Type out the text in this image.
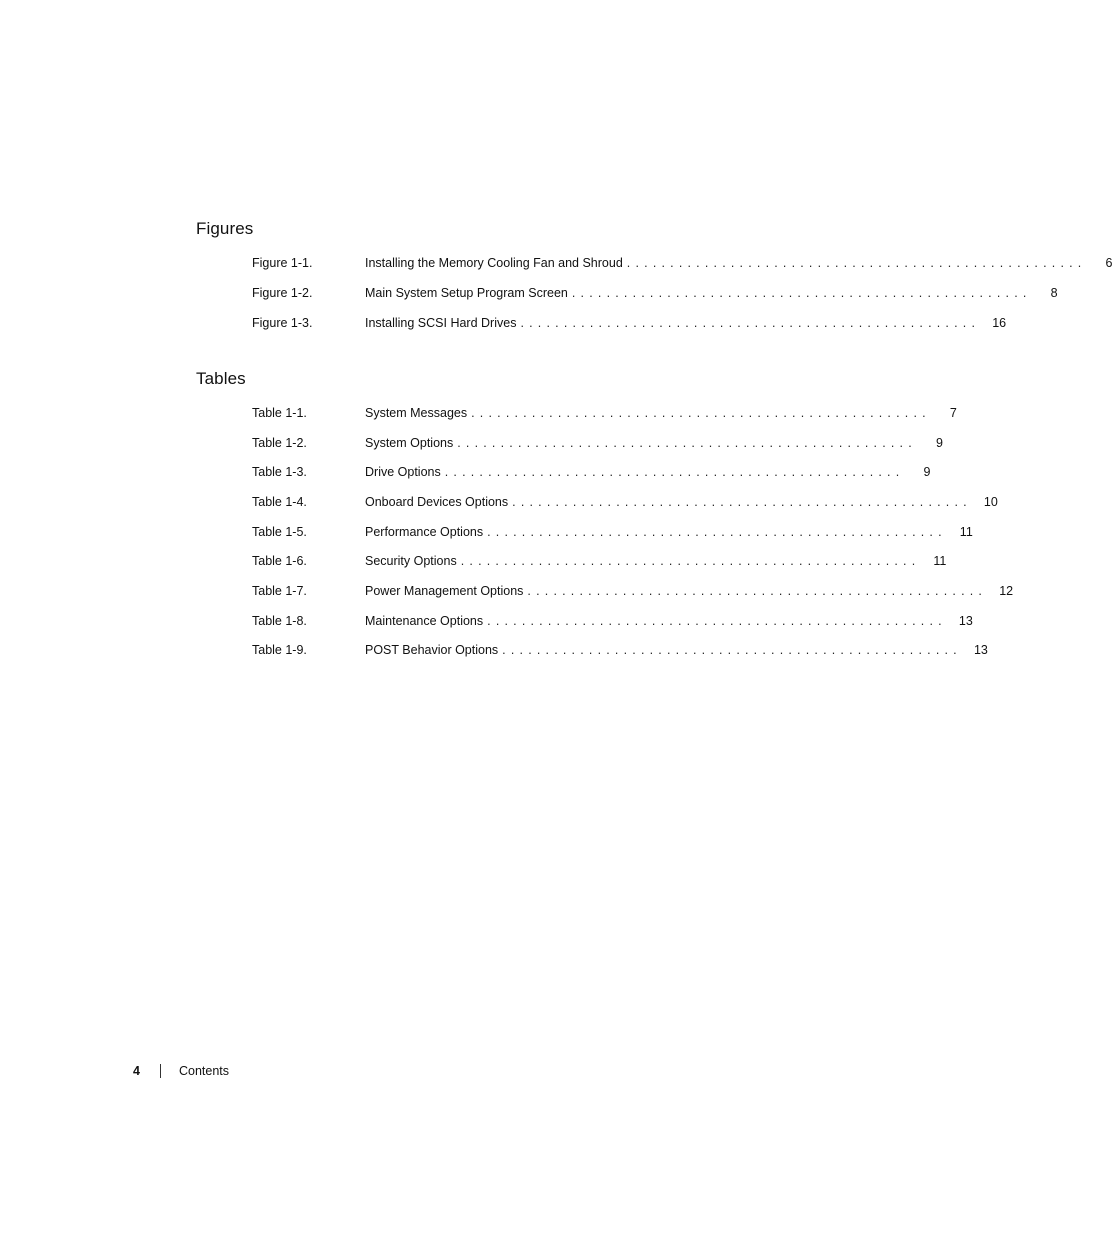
Figures
Figure 1-1.	Installing the Memory Cooling Fan and Shroud .....................................................	6
Figure 1-2.	Main System Setup Program Screen .....................................................	8
Figure 1-3.	Installing SCSI Hard Drives ..................................................... 16
Tables
Table 1-1.	System Messages .....................................................	7
Table 1-2.	System Options .....................................................	9
Table 1-3.	Drive Options .....................................................	9
Table 1-4.	Onboard Devices Options ..................................................... 10
Table 1-5.	Performance Options .....................................................	11
Table 1-6.	Security Options .....................................................	11
Table 1-7.	Power Management Options ..................................................... 12
Table 1-8.	Maintenance Options ..................................................... 13
Table 1-9.	POST Behavior Options ..................................................... 13
4	Contents
